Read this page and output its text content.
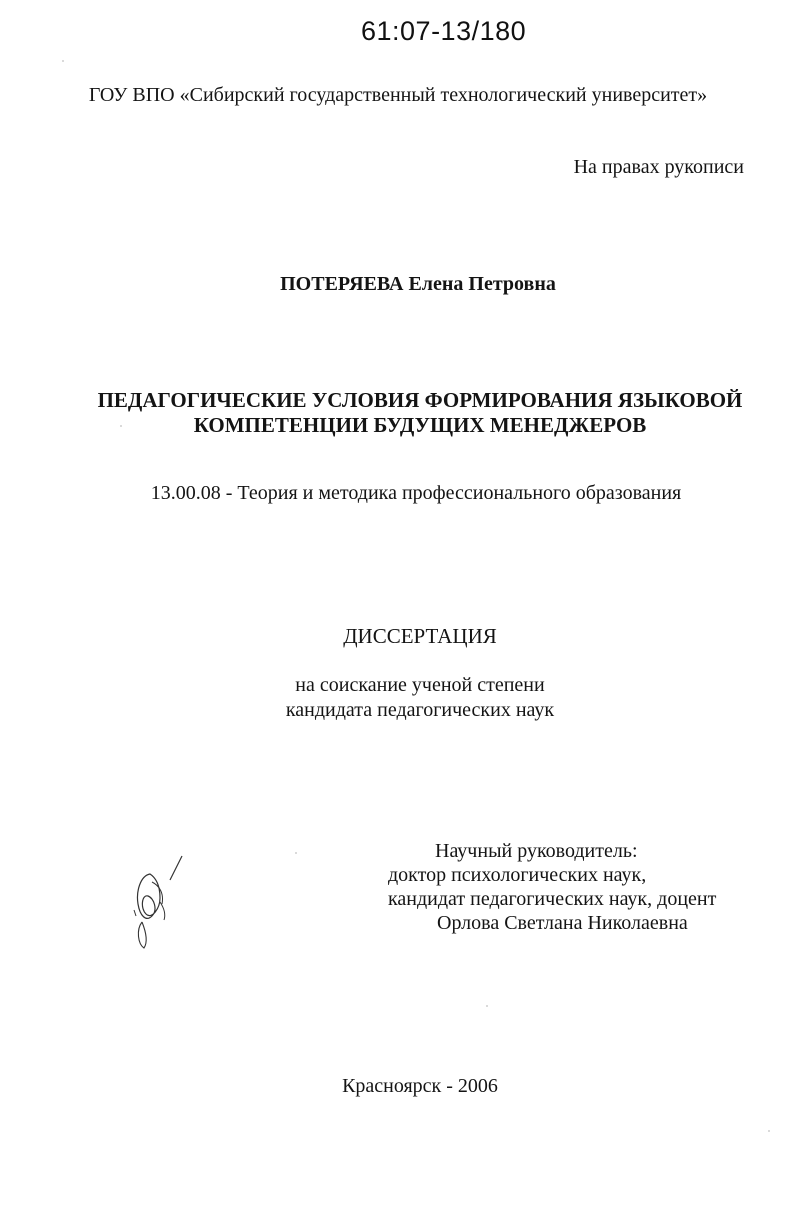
61:07-13/180
ГОУ ВПО «Сибирский государственный технологический университет»
На правах рукописи
ПОТЕРЯЕВА Елена Петровна
ПЕДАГОГИЧЕСКИЕ УСЛОВИЯ ФОРМИРОВАНИЯ ЯЗЫКОВОЙ
КОМПЕТЕНЦИИ БУДУЩИХ МЕНЕДЖЕРОВ
13.00.08 - Теория и методика профессионального образования
ДИССЕРТАЦИЯ
на соискание ученой степени
кандидата педагогических наук
Научный руководитель:
доктор психологических наук,
кандидат педагогических наук, доцент
Орлова Светлана Николаевна
Красноярск - 2006
